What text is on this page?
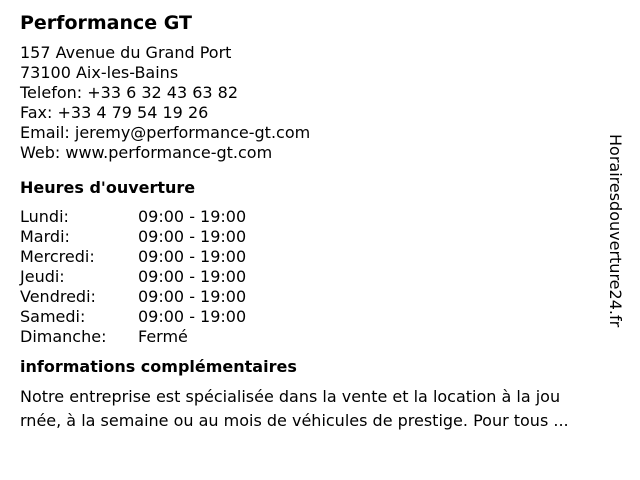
Performance GT
157 Avenue du Grand Port
73100 Aix-les-Bains
Telefon: +33 6 32 43 63 82
Fax: +33 4 79 54 19 26
Email: jeremy@performance-gt.com
Web: www.performance-gt.com
Heures d'ouverture
Lundi:	09:00 - 19:00
Mardi:	09:00 - 19:00
Mercredi:	09:00 - 19:00
Jeudi:	09:00 - 19:00
Vendredi:	09:00 - 19:00
Samedi:	09:00 - 19:00
Dimanche:	Fermé
informations complémentaires
Notre entreprise est spécialisée dans la vente et la location à la jou
rnée, à la semaine ou au mois de véhicules de prestige. Pour tous ...
Horairesdouverture24.fr
